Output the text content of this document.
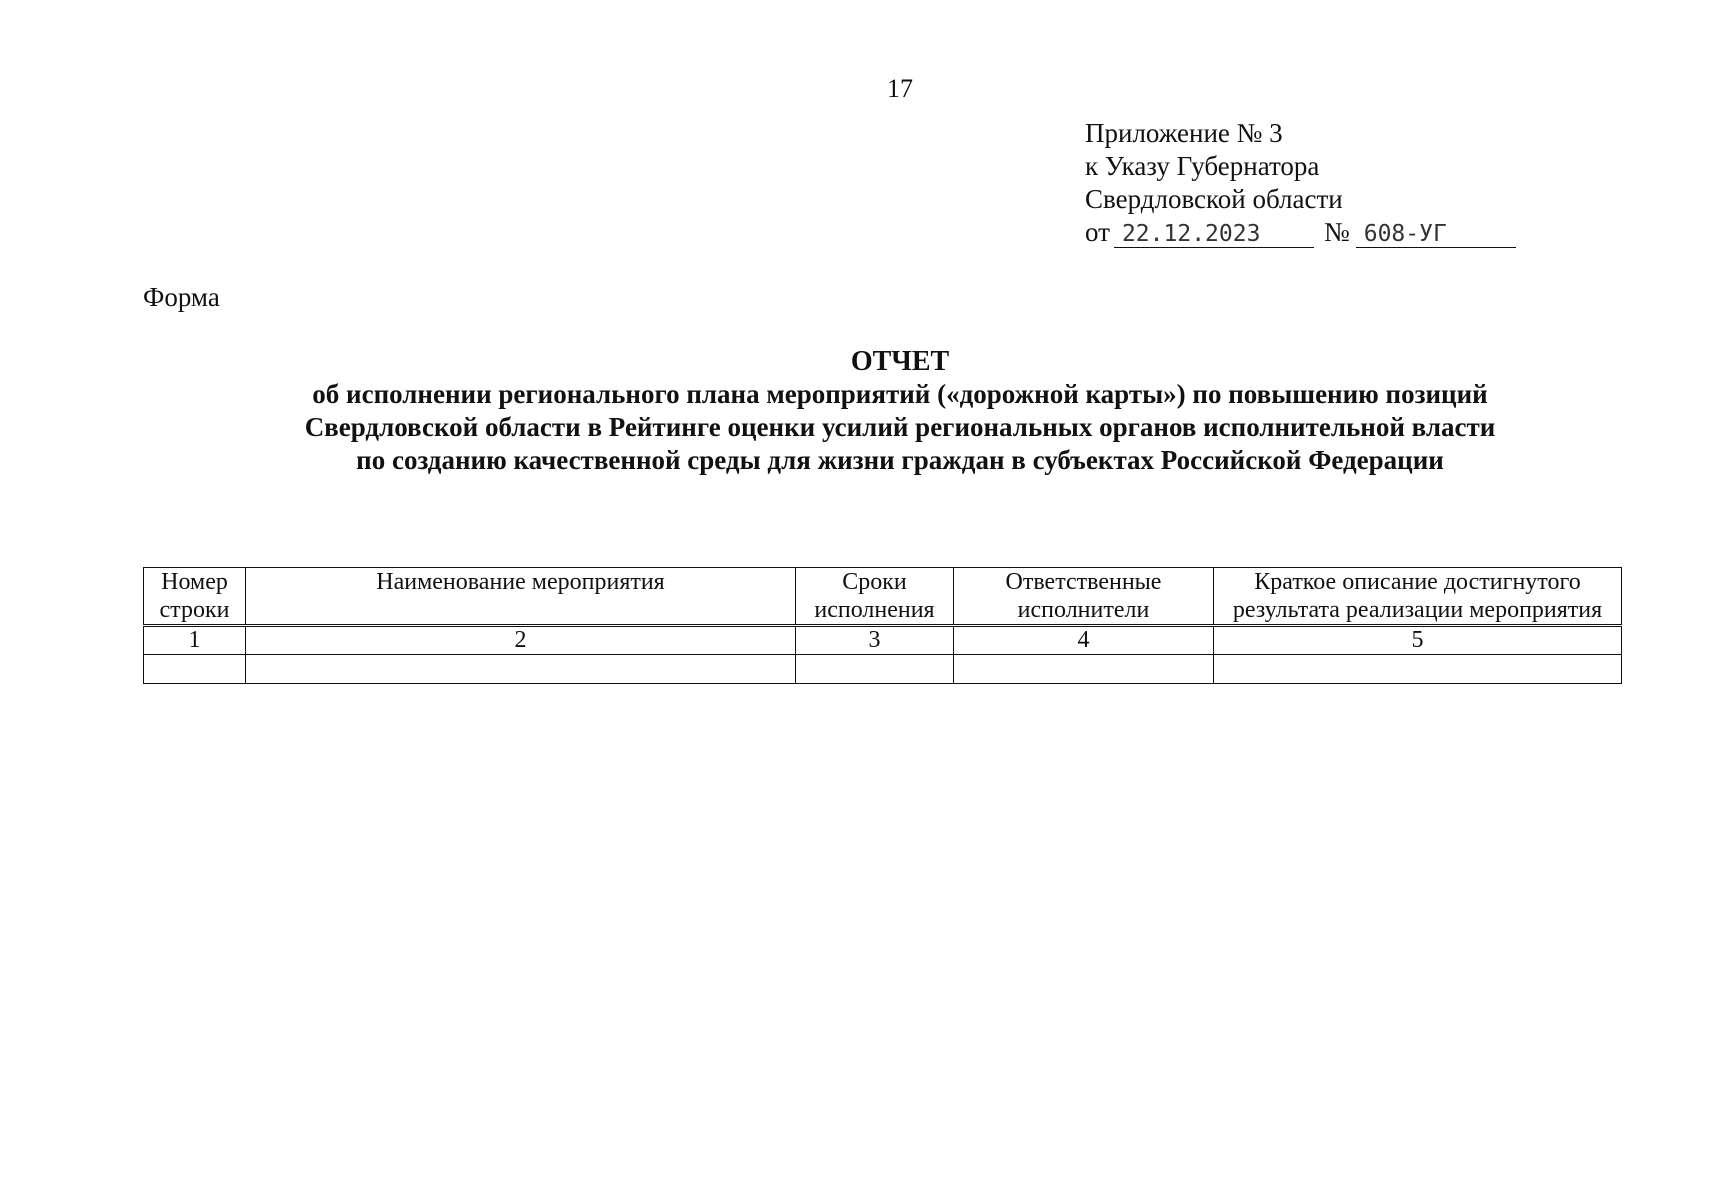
17
Приложение № 3
к Указу Губернатора
Свердловской области
от 22.12.2023 № 608-УГ
Форма
ОТЧЕТ
об исполнении регионального плана мероприятий («дорожной карты») по повышению позиций
Свердловской области в Рейтинге оценки усилий региональных органов исполнительной власти
по созданию качественной среды для жизни граждан в субъектах Российской Федерации
Номер строки	Наименование мероприятия	Сроки исполнения	Ответственные исполнители	Краткое описание достигнутого результата реализации мероприятия
1	2	3	4	5
